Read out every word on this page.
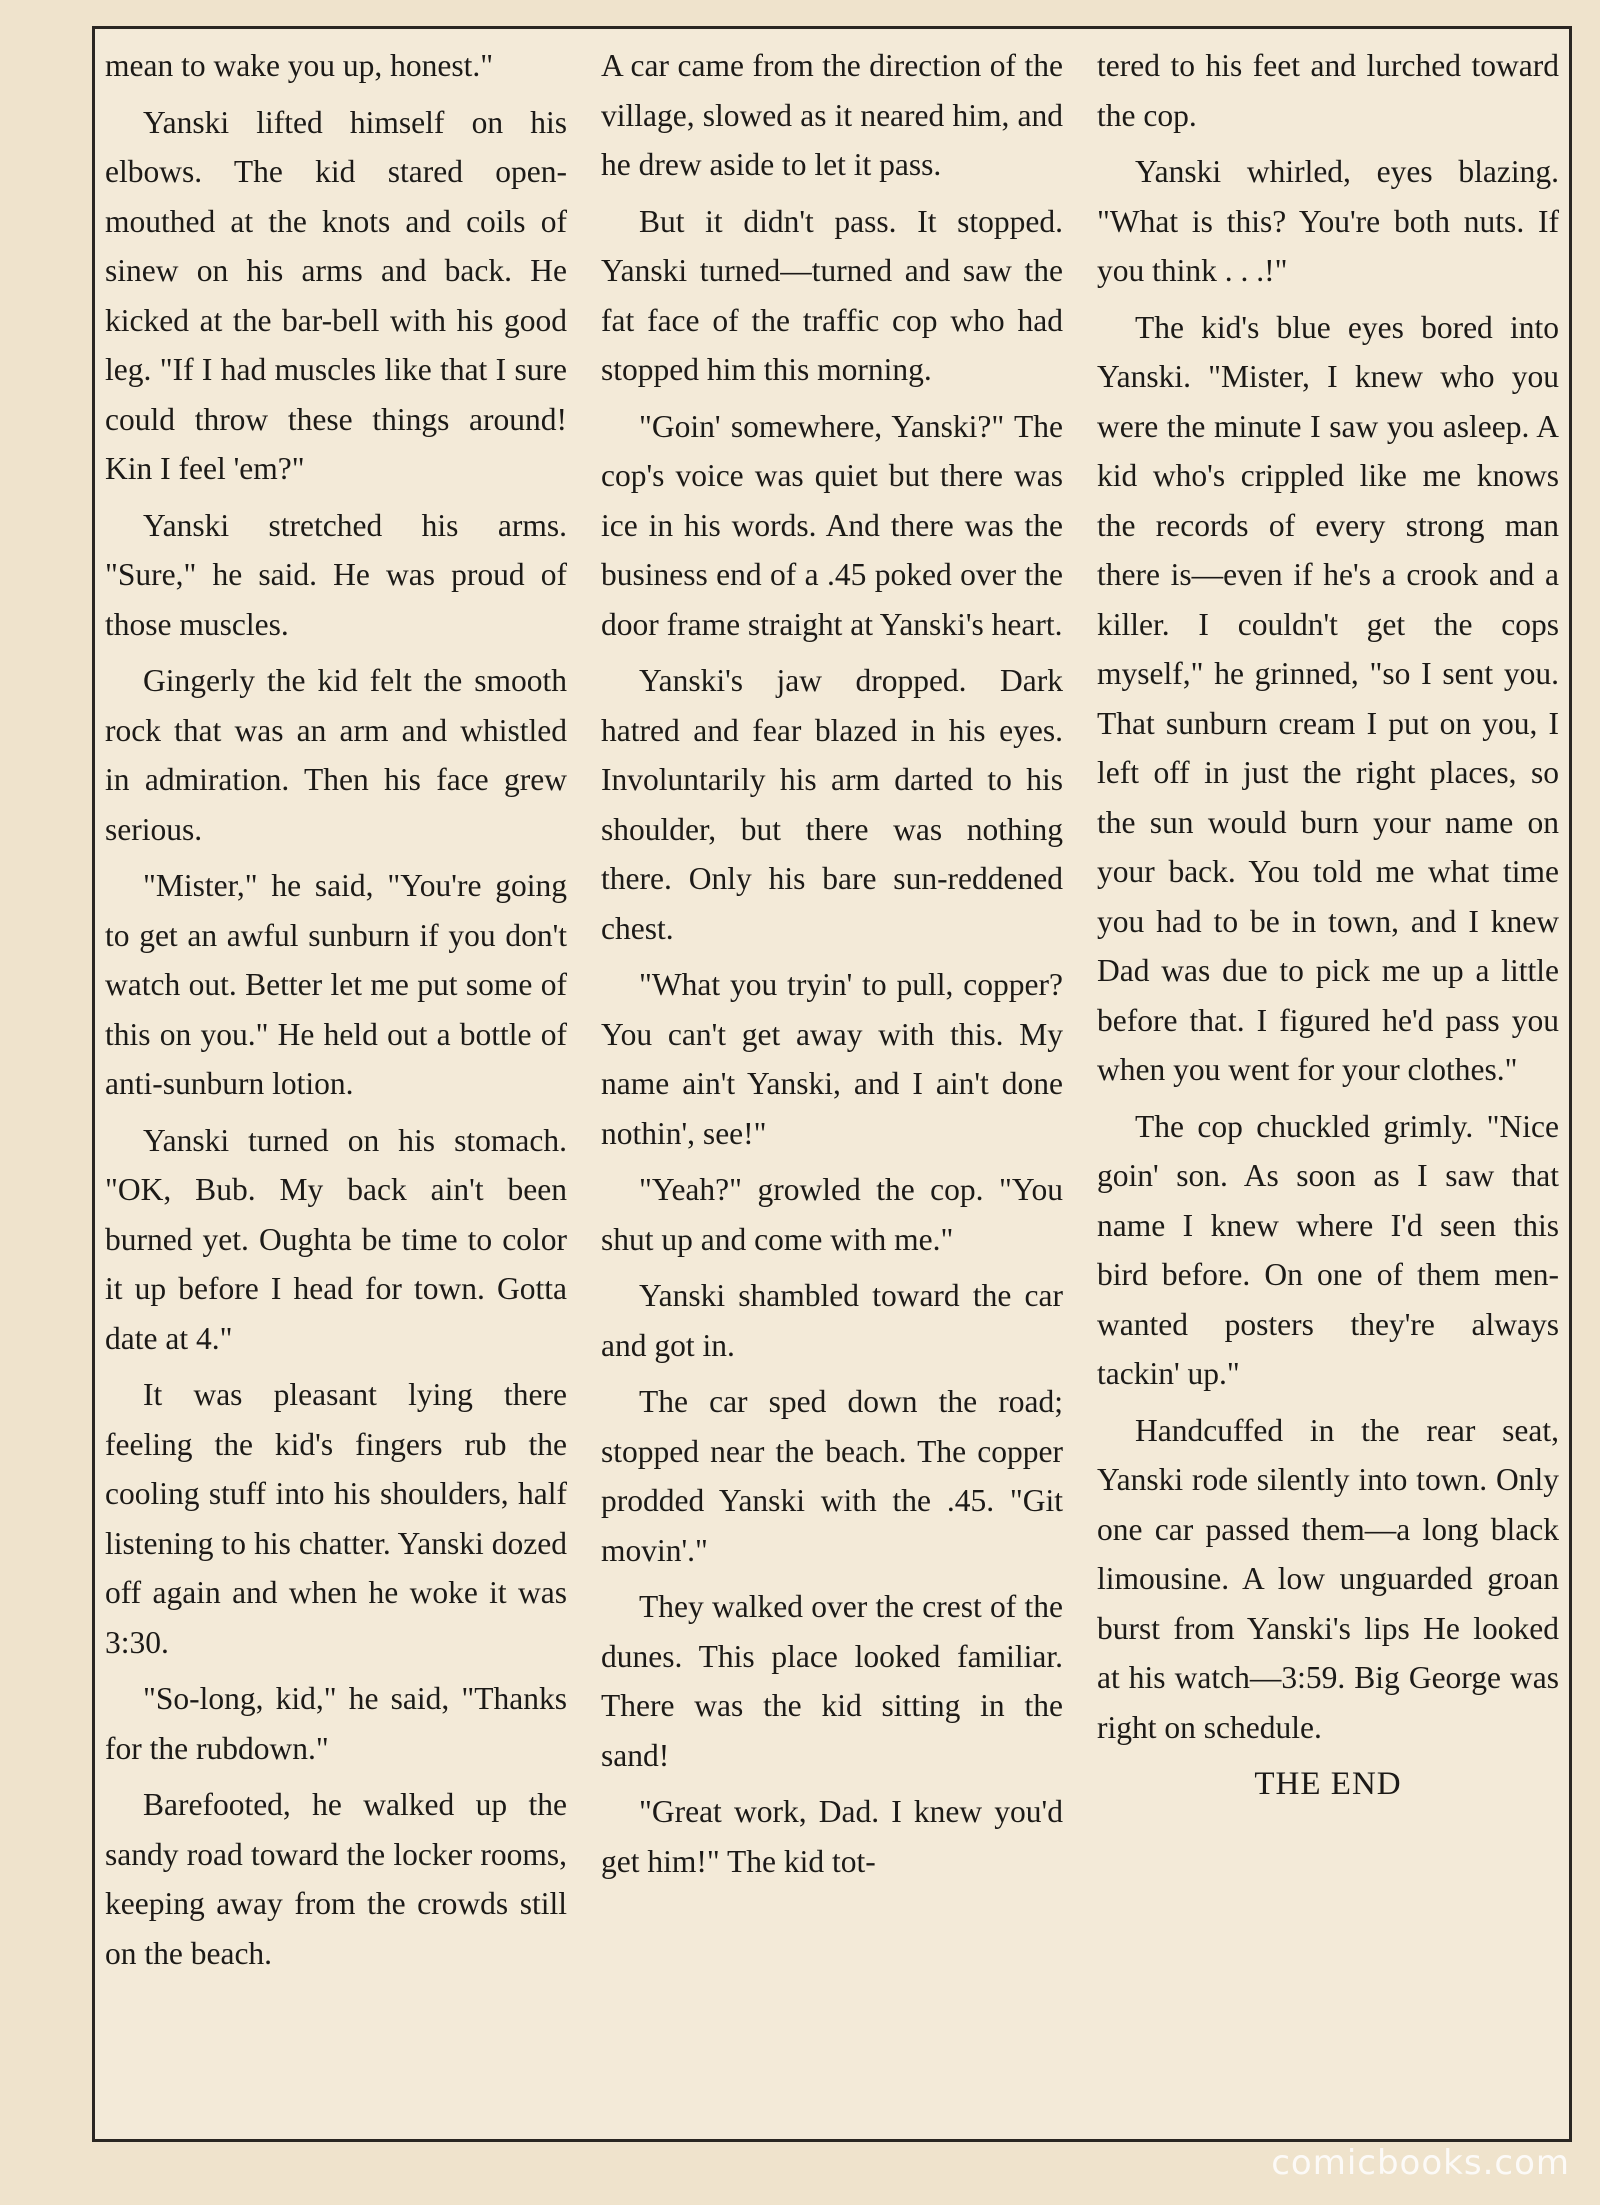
mean to wake you up, honest."

Yanski lifted himself on his elbows. The kid stared open-mouthed at the knots and coils of sinew on his arms and back. He kicked at the bar-bell with his good leg. "If I had muscles like that I sure could throw these things around! Kin I feel 'em?"

Yanski stretched his arms. "Sure," he said. He was proud of those muscles.

Gingerly the kid felt the smooth rock that was an arm and whistled in admiration. Then his face grew serious.

"Mister," he said, "You're going to get an awful sunburn if you don't watch out. Better let me put some of this on you." He held out a bottle of anti-sunburn lotion.

Yanski turned on his stomach. "OK, Bub. My back ain't been burned yet. Oughta be time to color it up before I head for town. Gotta date at 4."

It was pleasant lying there feeling the kid's fingers rub the cooling stuff into his shoulders, half listening to his chatter. Yanski dozed off again and when he woke it was 3:30.

"So-long, kid," he said, "Thanks for the rubdown."

Barefooted, he walked up the sandy road toward the locker rooms, keeping away from the crowds still on the beach.

A car came from the direction of the village, slowed as it neared him, and he drew aside to let it pass.

But it didn't pass. It stopped. Yanski turned—turned and saw the fat face of the traffic cop who had stopped him this morning.

"Goin' somewhere, Yanski?" The cop's voice was quiet but there was ice in his words. And there was the business end of a .45 poked over the door frame straight at Yanski's heart.

Yanski's jaw dropped. Dark hatred and fear blazed in his eyes. Involuntarily his arm darted to his shoulder, but there was nothing there. Only his bare sun-reddened chest.

"What you tryin' to pull, copper? You can't get away with this. My name ain't Yanski, and I ain't done nothin', see!"

"Yeah?" growled the cop. "You shut up and come with me."

Yanski shambled toward the car and got in.

The car sped down the road; stopped near the beach. The copper prodded Yanski with the .45. "Git movin'."

They walked over the crest of the dunes. This place looked familiar. There was the kid sitting in the sand!

"Great work, Dad. I knew you'd get him!" The kid tot-

tered to his feet and lurched toward the cop.

Yanski whirled, eyes blazing. "What is this? You're both nuts. If you think . . .!"

The kid's blue eyes bored into Yanski. "Mister, I knew who you were the minute I saw you asleep. A kid who's crippled like me knows the records of every strong man there is—even if he's a crook and a killer. I couldn't get the cops myself," he grinned, "so I sent you. That sunburn cream I put on you, I left off in just the right places, so the sun would burn your name on your back. You told me what time you had to be in town, and I knew Dad was due to pick me up a little before that. I figured he'd pass you when you went for your clothes."

The cop chuckled grimly. "Nice goin' son. As soon as I saw that name I knew where I'd seen this bird before. On one of them men-wanted posters they're always tackin' up."

Handcuffed in the rear seat, Yanski rode silently into town. Only one car passed them—a long black limousine. A low unguarded groan burst from Yanski's lips He looked at his watch—3:59. Big George was right on schedule.

THE END

comicbooks.com
